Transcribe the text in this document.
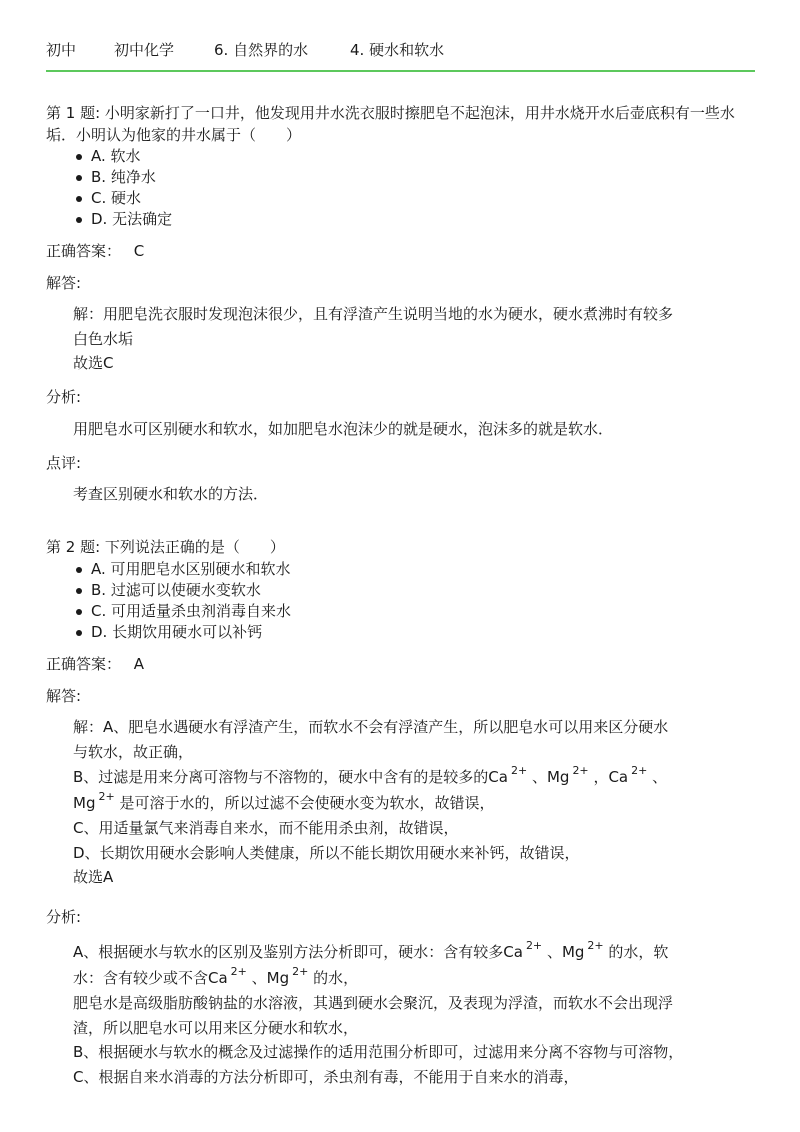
初中	初中化学	6. 自然界的水	4. 硬水和软水
第 1 题: 小明家新打了一口井，他发现用井水洗衣服时擦肥皂不起泡沫，用井水烧开水后壶底积有一些水垢．小明认为他家的井水属于（　　）
A. 软水
B. 纯净水
C. 硬水
D. 无法确定
正确答案： C
解答:
解：用肥皂洗衣服时发现泡沫很少，且有浮渣产生说明当地的水为硬水，硬水煮沸时有较多
白色水垢
故选C
分析:
用肥皂水可区别硬水和软水，如加肥皂水泡沫少的就是硬水，泡沫多的就是软水．
点评:
考查区别硬水和软水的方法．
第 2 题: 下列说法正确的是（　　）
A. 可用肥皂水区别硬水和软水
B. 过滤可以使硬水变软水
C. 可用适量杀虫剂消毒自来水
D. 长期饮用硬水可以补钙
正确答案： A
解答:
解：A、肥皂水遇硬水有浮渣产生，而软水不会有浮渣产生，所以肥皂水可以用来区分硬水
与软水，故正确，
B、过滤是用来分离可溶物与不溶物的，硬水中含有的是较多的Ca $^{2+}$ 、Mg $^{2+}$ ，Ca $^{2+}$ 、
Mg $^{2+}$ 是可溶于水的，所以过滤不会使硬水变为软水，故错误，
C、用适量氯气来消毒自来水，而不能用杀虫剂，故错误，
D、长期饮用硬水会影响人类健康，所以不能长期饮用硬水来补钙，故错误，
故选A
分析:
A、根据硬水与软水的区别及鉴别方法分析即可，硬水：含有较多Ca $^{2+}$ 、Mg $^{2+}$ 的水，软
水：含有较少或不含Ca $^{2+}$ 、Mg $^{2+}$ 的水，
肥皂水是高级脂肪酸钠盐的水溶液，其遇到硬水会聚沉，及表现为浮渣，而软水不会出现浮
渣，所以肥皂水可以用来区分硬水和软水，
B、根据硬水与软水的概念及过滤操作的适用范围分析即可，过滤用来分离不容物与可溶物，
C、根据自来水消毒的方法分析即可，杀虫剂有毒，不能用于自来水的消毒，
